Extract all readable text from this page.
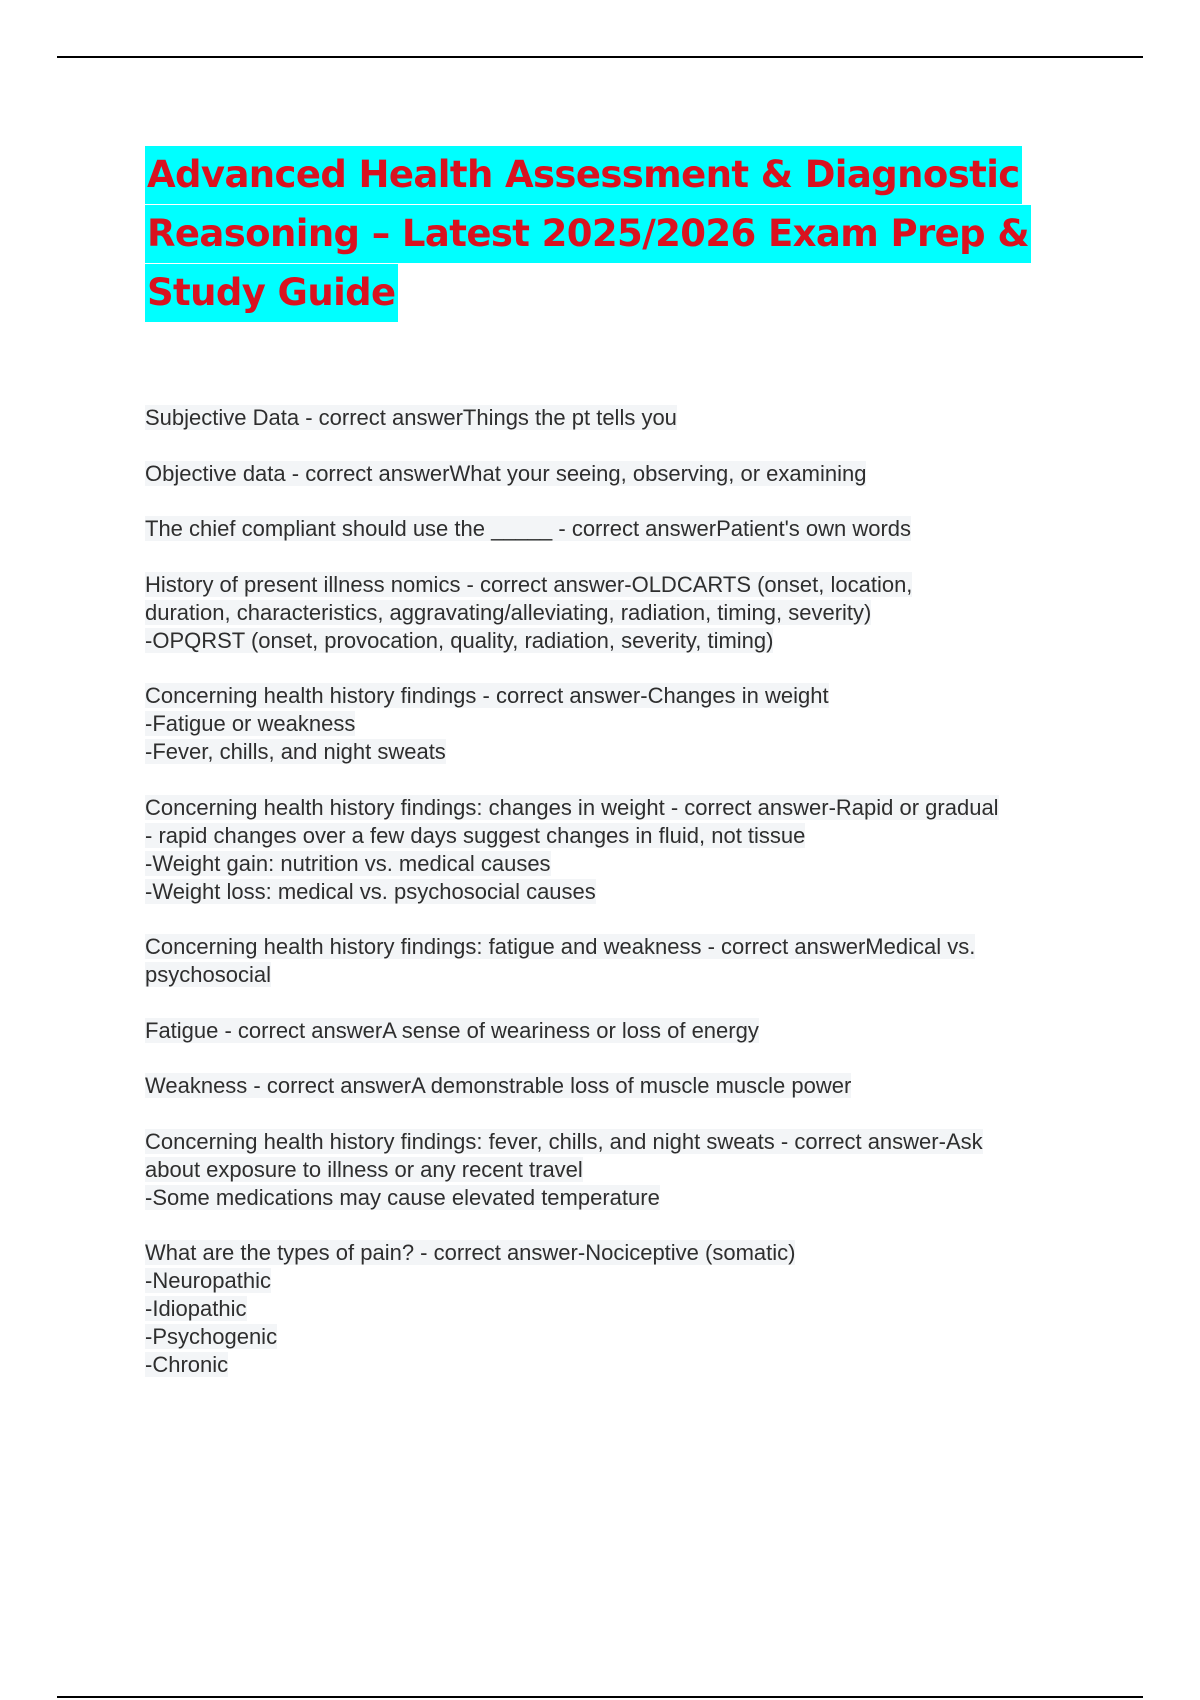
Advanced Health Assessment & Diagnostic
Reasoning – Latest 2025/2026 Exam Prep &
Study Guide
Subjective Data - correct answerThings the pt tells you
Objective data - correct answerWhat your seeing, observing, or examining
The chief compliant should use the _____ - correct answerPatient's own words
History of present illness nomics - correct answer-OLDCARTS (onset, location,
duration, characteristics, aggravating/alleviating, radiation, timing, severity)
-OPQRST (onset, provocation, quality, radiation, severity, timing)
Concerning health history findings - correct answer-Changes in weight
-Fatigue or weakness
-Fever, chills, and night sweats
Concerning health history findings: changes in weight - correct answer-Rapid or gradual
- rapid changes over a few days suggest changes in fluid, not tissue
-Weight gain: nutrition vs. medical causes
-Weight loss: medical vs. psychosocial causes
Concerning health history findings: fatigue and weakness - correct answerMedical vs.
psychosocial
Fatigue - correct answerA sense of weariness or loss of energy
Weakness - correct answerA demonstrable loss of muscle muscle power
Concerning health history findings: fever, chills, and night sweats - correct answer-Ask
about exposure to illness or any recent travel
-Some medications may cause elevated temperature
What are the types of pain? - correct answer-Nociceptive (somatic)
-Neuropathic
-Idiopathic
-Psychogenic
-Chronic
